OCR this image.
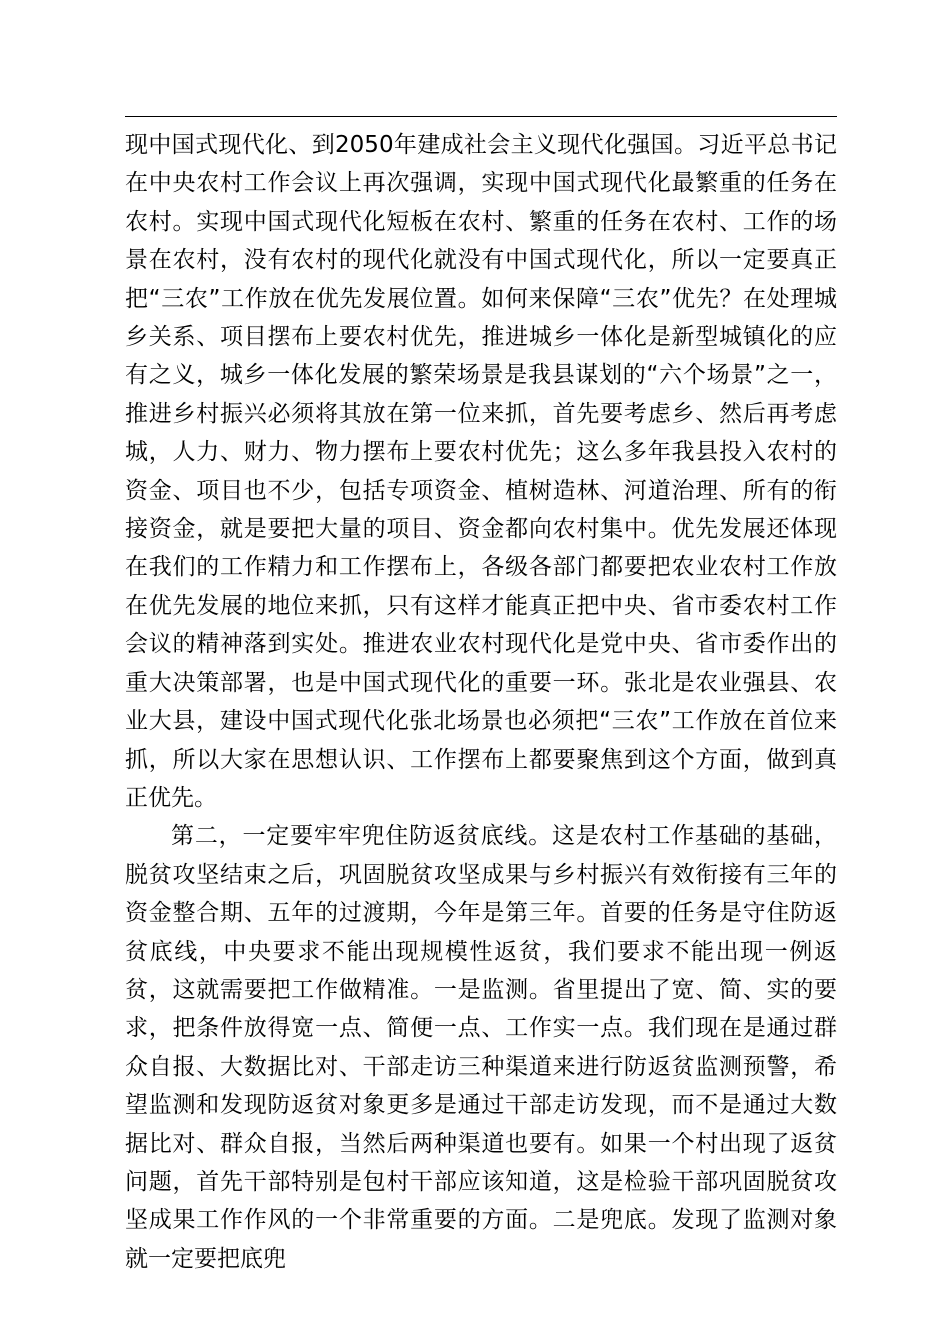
现中国式现代化、到2050年建成社会主义现代化强国。习近平总书记在中央农村工作会议上再次强调，实现中国式现代化最繁重的任务在农村。实现中国式现代化短板在农村、繁重的任务在农村、工作的场景在农村，没有农村的现代化就没有中国式现代化，所以一定要真正把“三农”工作放在优先发展位置。如何来保障“三农”优先？在处理城乡关系、项目摆布上要农村优先，推进城乡一体化是新型城镇化的应有之义，城乡一体化发展的繁荣场景是我县谋划的“六个场景”之一，推进乡村振兴必须将其放在第一位来抓，首先要考虑乡、然后再考虑城，人力、财力、物力摆布上要农村优先；这么多年我县投入农村的资金、项目也不少，包括专项资金、植树造林、河道治理、所有的衔接资金，就是要把大量的项目、资金都向农村集中。优先发展还体现在我们的工作精力和工作摆布上，各级各部门都要把农业农村工作放在优先发展的地位来抓，只有这样才能真正把中央、省市委农村工作会议的精神落到实处。推进农业农村现代化是党中央、省市委作出的重大决策部署，也是中国式现代化的重要一环。张北是农业强县、农业大县，建设中国式现代化张北场景也必须把“三农”工作放在首位来抓，所以大家在思想认识、工作摆布上都要聚焦到这个方面，做到真正优先。

第二，一定要牢牢兜住防返贫底线。这是农村工作基础的基础，脱贫攻坚结束之后，巩固脱贫攻坚成果与乡村振兴有效衔接有三年的资金整合期、五年的过渡期，今年是第三年。首要的任务是守住防返贫底线，中央要求不能出现规模性返贫，我们要求不能出现一例返贫，这就需要把工作做精准。一是监测。省里提出了宽、简、实的要求，把条件放得宽一点、简便一点、工作实一点。我们现在是通过群众自报、大数据比对、干部走访三种渠道来进行防返贫监测预警，希望监测和发现防返贫对象更多是通过干部走访发现，而不是通过大数据比对、群众自报，当然后两种渠道也要有。如果一个村出现了返贫问题，首先干部特别是包村干部应该知道，这是检验干部巩固脱贫攻坚成果工作作风的一个非常重要的方面。二是兜底。发现了监测对象就一定要把底兜
